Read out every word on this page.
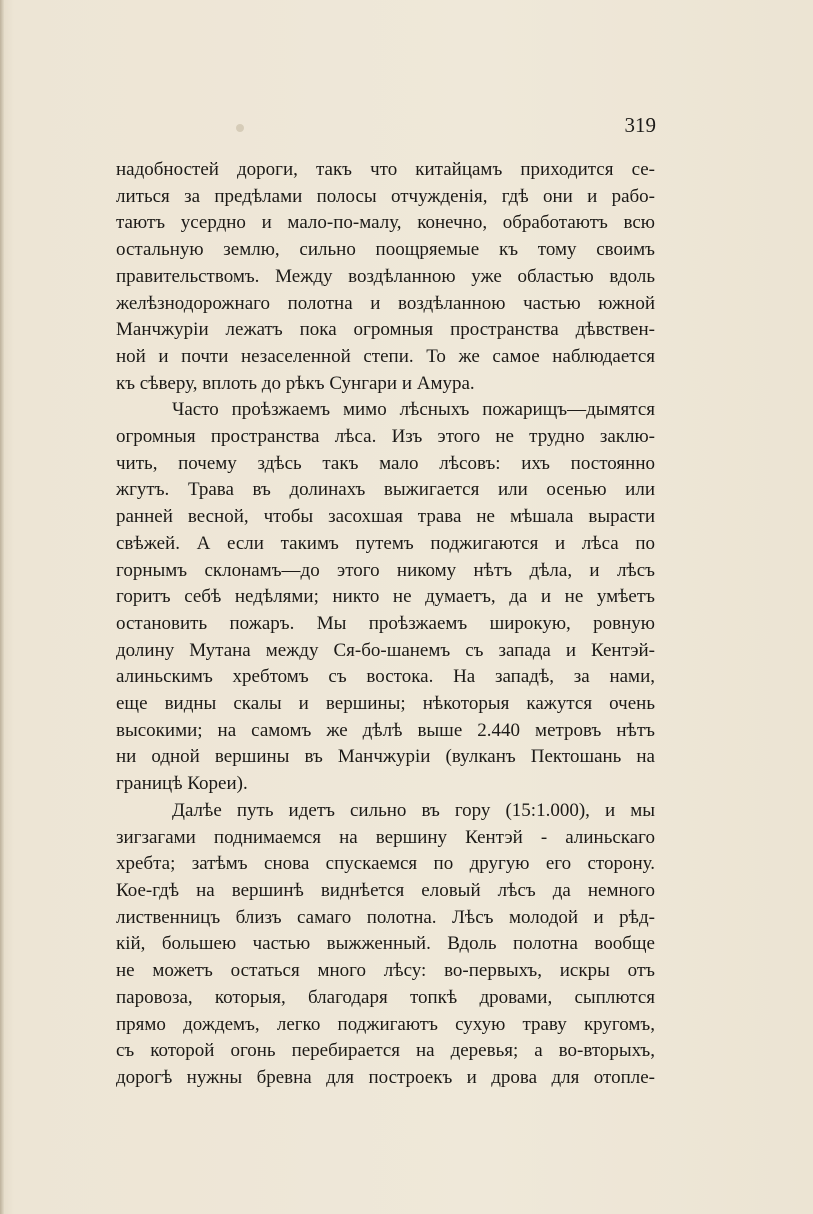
319
надобностей дороги, такъ что китайцамъ приходится се-
литься за предѣлами полосы отчужденія, гдѣ они и рабо-
таютъ усердно и мало-по-малу, конечно, обработаютъ всю
остальную землю, сильно поощряемые къ тому своимъ
правительствомъ. Между воздѣланною уже областью вдоль
желѣзнодорожнаго полотна и воздѣланною частью южной
Манчжуріи лежатъ пока огромныя пространства дѣвствен-
ной и почти незаселенной степи. То же самое наблюдается
къ сѣверу, вплоть до рѣкъ Сунгари и Амура.
Часто проѣзжаемъ мимо лѣсныхъ пожарищъ—дымятся
огромныя пространства лѣса. Изъ этого не трудно заклю-
чить, почему здѣсь такъ мало лѣсовъ: ихъ постоянно
жгутъ. Трава въ долинахъ выжигается или осенью или
ранней весной, чтобы засохшая трава не мѣшала вырасти
свѣжей. А если такимъ путемъ поджигаются и лѣса по
горнымъ склонамъ—до этого никому нѣтъ дѣла, и лѣсъ
горитъ себѣ недѣлями; никто не думаетъ, да и не умѣетъ
остановить пожаръ. Мы проѣзжаемъ широкую, ровную
долину Мутана между Ся-бо-шанемъ съ запада и Кентэй-
алиньскимъ хребтомъ съ востока. На западѣ, за нами,
еще видны скалы и вершины; нѣкоторыя кажутся очень
высокими; на самомъ же дѣлѣ выше 2.440 метровъ нѣтъ
ни одной вершины въ Манчжуріи (вулканъ Пектошань на
границѣ Кореи).
Далѣе путь идетъ сильно въ гору (15:1.000), и мы
зигзагами поднимаемся на вершину Кентэй - алиньскаго
хребта; затѣмъ снова спускаемся по другую его сторону.
Кое-гдѣ на вершинѣ виднѣется еловый лѣсъ да немного
лиственницъ близъ самаго полотна. Лѣсъ молодой и рѣд-
кій, большею частью выжженный. Вдоль полотна вообще
не можетъ остаться много лѣсу: во-первыхъ, искры отъ
паровоза, которыя, благодаря топкѣ дровами, сыплются
прямо дождемъ, легко поджигаютъ сухую траву кругомъ,
съ которой огонь перебирается на деревья; а во-вторыхъ,
дорогѣ нужны бревна для построекъ и дрова для отопле-
